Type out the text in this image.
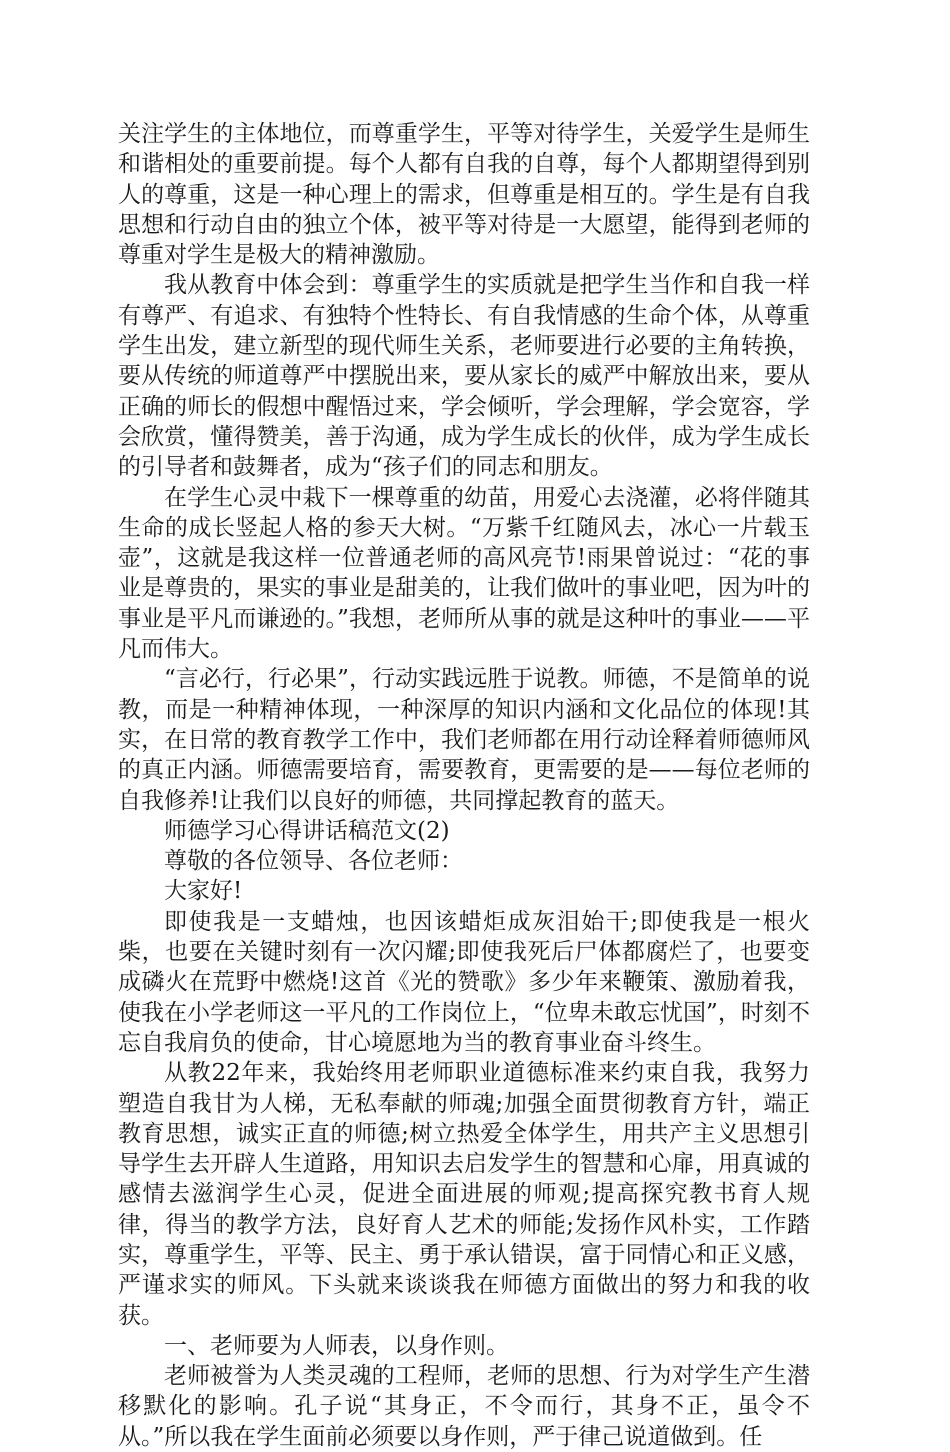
关注学生的主体地位，而尊重学生，平等对待学生，关爱学生是师生和谐相处的重要前提。每个人都有自我的自尊，每个人都期望得到别人的尊重，这是一种心理上的需求，但尊重是相互的。学生是有自我思想和行动自由的独立个体，被平等对待是一大愿望，能得到老师的尊重对学生是极大的精神激励。

我从教育中体会到：尊重学生的实质就是把学生当作和自我一样有尊严、有追求、有独特个性特长、有自我情感的生命个体，从尊重学生出发，建立新型的现代师生关系，老师要进行必要的主角转换，要从传统的师道尊严中摆脱出来，要从家长的威严中解放出来，要从正确的师长的假想中醒悟过来，学会倾听，学会理解，学会宽容，学会欣赏，懂得赞美，善于沟通，成为学生成长的伙伴，成为学生成长的引导者和鼓舞者，成为“孩子们的同志和朋友。

在学生心灵中栽下一棵尊重的幼苗，用爱心去浇灌，必将伴随其生命的成长竖起人格的参天大树。“万紫千红随风去，冰心一片载玉壶”，这就是我这样一位普通老师的高风亮节!雨果曾说过：“花的事业是尊贵的，果实的事业是甜美的，让我们做叶的事业吧，因为叶的事业是平凡而谦逊的。”我想，老师所从事的就是这种叶的事业——平凡而伟大。

“言必行，行必果”，行动实践远胜于说教。师德，不是简单的说教，而是一种精神体现，一种深厚的知识内涵和文化品位的体现!其实，在日常的教育教学工作中，我们老师都在用行动诠释着师德师风的真正内涵。师德需要培育，需要教育，更需要的是——每位老师的自我修养!让我们以良好的师德，共同撑起教育的蓝天。

师德学习心得讲话稿范文(2)

尊敬的各位领导、各位老师：

大家好!

即使我是一支蜡烛，也因该蜡炬成灰泪始干;即使我是一根火柴，也要在关键时刻有一次闪耀;即使我死后尸体都腐烂了，也要变成磷火在荒野中燃烧!这首《光的赞歌》多少年来鞭策、激励着我，使我在小学老师这一平凡的工作岗位上，“位卑未敢忘忧国”，时刻不忘自我肩负的使命，甘心境愿地为当的教育事业奋斗终生。

从教22年来，我始终用老师职业道德标准来约束自我，我努力塑造自我甘为人梯，无私奉献的师魂;加强全面贯彻教育方针，端正教育思想，诚实正直的师德;树立热爱全体学生，用共产主义思想引导学生去开辟人生道路，用知识去启发学生的智慧和心扉，用真诚的感情去滋润学生心灵，促进全面进展的师观;提高探究教书育人规律，得当的教学方法，良好育人艺术的师能;发扬作风朴实，工作踏实，尊重学生，平等、民主、勇于承认错误，富于同情心和正义感，严谨求实的师风。下头就来谈谈我在师德方面做出的努力和我的收获。

一、老师要为人师表，以身作则。

老师被誉为人类灵魂的工程师，老师的思想、行为对学生产生潜移默化的影响。孔子说“其身正，不令而行，其身不正，虽令不从。”所以我在学生面前必须要以身作则，严于律己说道做到。任
